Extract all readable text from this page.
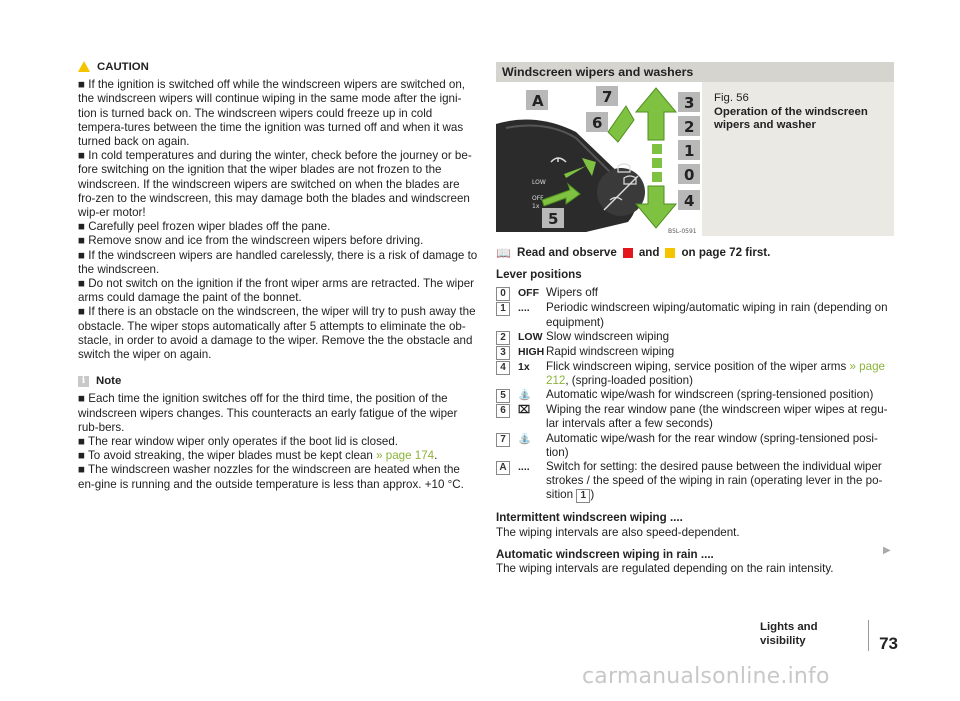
CAUTION

■ If the ignition is switched off while the windscreen wipers are switched on, the windscreen wipers will continue wiping in the same mode after the igni-tion is turned back on. The windscreen wipers could freeze up in cold tempera-tures between the time the ignition was turned off and when it was turned back on again.

■ In cold temperatures and during the winter, check before the journey or be-fore switching on the ignition that the wiper blades are not frozen to the windscreen. If the windscreen wipers are switched on when the blades are fro-zen to the windscreen, this may damage both the blades and windscreen wip-er motor!

■ Carefully peel frozen wiper blades off the pane.

■ Remove snow and ice from the windscreen wipers before driving.

■ If the windscreen wipers are handled carelessly, there is a risk of damage to the windscreen.

■ Do not switch on the ignition if the front wiper arms are retracted. The wiper arms could damage the paint of the bonnet.

■ If there is an obstacle on the windscreen, the wiper will try to push away the obstacle. The wiper stops automatically after 5 attempts to eliminate the ob-stacle, in order to avoid a damage to the wiper. Remove the the obstacle and switch the wiper on again.

i Note

■ Each time the ignition switches off for the third time, the position of the windscreen wipers changes. This counteracts an early fatigue of the wiper rub-bers.

■ The rear window wiper only operates if the boot lid is closed.

■ To avoid streaking, the wiper blades must be kept clean » page 174.

■ The windscreen washer nozzles for the windscreen are heated when the en-gine is running and the outside temperature is less than approx. +10 °C.

Windscreen wipers and washers
LOW
OFF
1x
A	7
6
3
2
1
0
4
5
B5L-0591
Fig. 56
Operation of the windscreen wipers and washer
📖 Read and observe and on page 72 first.
Lever positions
0	OFF Wipers off
1	....	Periodic windscreen wiping/automatic wiping in rain (depending on equipment)
2	LOW Slow windscreen wiping
3	HIGH Rapid windscreen wiping
4	1x	Flick windscreen wiping, service position of the wiper arms » page 212, (spring-loaded position)
5	⛲	Automatic wipe/wash for windscreen (spring-tensioned position)
6	⌧	Wiping the rear window pane (the windscreen wiper wipes at regu-lar intervals after a few seconds)
7	⛲	Automatic wipe/wash for the rear window (spring-tensioned posi-tion)
A	....	Switch for setting: the desired pause between the individual wiper strokes / the speed of the wiping in rain (operating lever in the po-sition 1 )
Intermittent windscreen wiping ....

The wiping intervals are also speed-dependent.

Automatic windscreen wiping in rain ....

The wiping intervals are regulated depending on the rain intensity.

▶
Lights and visibility	73
carmanualsonline.info
